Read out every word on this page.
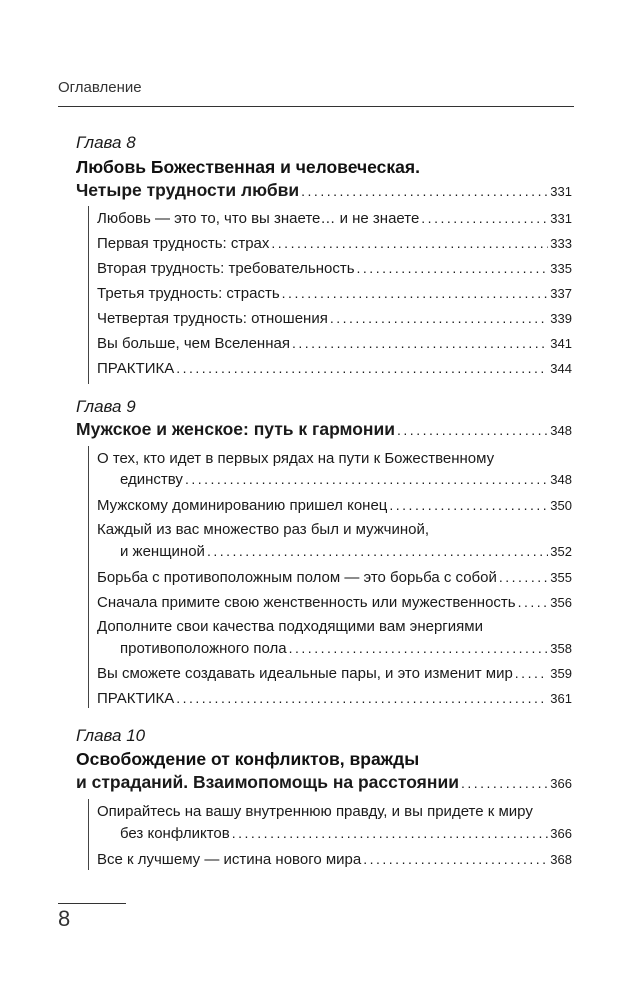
Оглавление
Глава 8
Любовь Божественная и человеческая.
Четыре трудности любви .....	331
Любовь — это то, что вы знаете… и не знаете .....	331
Первая трудность: страх .....	333
Вторая трудность: требовательность .....	335
Третья трудность: страсть .....	337
Четвертая трудность: отношения .....	339
Вы больше, чем Вселенная .....	341
ПРАКТИКА .....	344
Глава 9
Мужское и женское: путь к гармонии .....	348
О тех, кто идет в первых рядах на пути к Божественному
единству .....	348
Мужскому доминированию пришел конец .....	350
Каждый из вас множество раз был и мужчиной,
и женщиной .....	352
Борьба с противоположным полом — это борьба с собой .....	355
Сначала примите свою женственность или мужественность .....	356
Дополните свои качества подходящими вам энергиями
противоположного пола .....	358
Вы сможете создавать идеальные пары, и это изменит мир .....	359
ПРАКТИКА .....	361
Глава 10
Освобождение от конфликтов, вражды
и страданий. Взаимопомощь на расстоянии .....	366
Опирайтесь на вашу внутреннюю правду, и вы придете к миру
без конфликтов .....	366
Все к лучшему — истина нового мира .....	368
8
